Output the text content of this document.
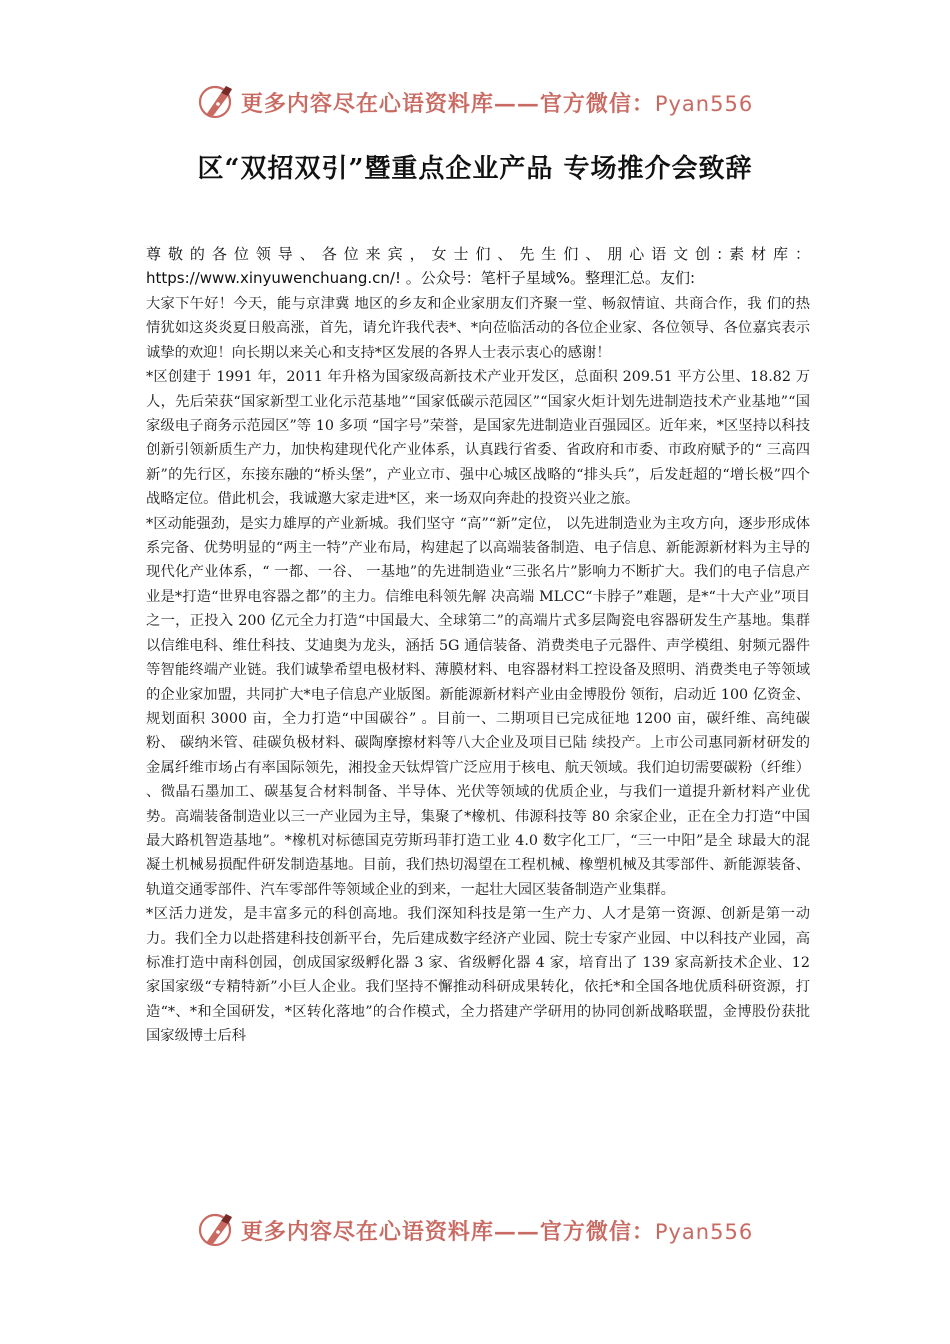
更多内容尽在心语资料库——官方微信：Pyan556
区“双招双引”暨重点企业产品 专场推介会致辞

尊敬的各位领导、各位来宾，女士们、先生们、朋心语文创:素材库： https://www.xinyuwenchuang.cn/! 。公众号：笔杆子星域%。整理汇总。友们:

大家下午好！今天，能与京津冀 地区的乡友和企业家朋友们齐聚一堂、畅叙情谊、共商合作，我 们的热情犹如这炎炎夏日般高涨，首先，请允许我代表*、*向莅临活动的各位企业家、各位领导、各位嘉宾表示诚挚的欢迎！向长期以来关心和支持*区发展的各界人士表示衷心的感谢！

*区创建于 1991 年，2011 年升格为国家级高新技术产业开发区，总面积 209.51 平方公里、18.82 万人，先后荣获“国家新型工业化示范基地”“国家低碳示范园区”“国家火炬计划先进制造技术产业基地”“国家级电子商务示范园区”等 10 多项 “国字号”荣誉，是国家先进制造业百强园区。近年来，*区坚持以科技创新引领新质生产力，加快构建现代化产业体系，认真践行省委、省政府和市委、市政府赋予的“ 三高四新”的先行区，东接东融的“桥头堡”，产业立市、强中心城区战略的“排头兵”，后发赶超的“增长极”四个战略定位。借此机会，我诚邀大家走进*区，来一场双向奔赴的投资兴业之旅。

*区动能强劲，是实力雄厚的产业新城。我们坚守 “高”“新”定位， 以先进制造业为主攻方向，逐步形成体系完备、优势明显的“两主一特”产业布局，构建起了以高端装备制造、电子信息、新能源新材料为主导的现代化产业体系，“ 一都、一谷、 一基地”的先进制造业“三张名片”影响力不断扩大。我们的电子信息产业是*打造“世界电容器之都”的主力。信维电科领先解 决高端 MLCC“卡脖子”难题，是*“十大产业”项目之一，正投入 200 亿元全力打造“中国最大、全球第二”的高端片式多层陶瓷电容器研发生产基地。集群以信维电科、维仕科技、艾迪奥为龙头，涵括 5G 通信装备、消费类电子元器件、声学模组、射频元器件等智能终端产业链。我们诚挚希望电极材料、薄膜材料、电容器材料工控设备及照明、消费类电子等领域的企业家加盟，共同扩大*电子信息产业版图。新能源新材料产业由金博股份 领衔，启动近 100 亿资金、规划面积 3000 亩，全力打造“中国碳谷” 。目前一、二期项目已完成征地 1200 亩，碳纤维、高纯碳粉、 碳纳米管、硅碳负极材料、碳陶摩擦材料等八大企业及项目已陆 续投产。上市公司惠同新材研发的金属纤维市场占有率国际领先，湘投金天钛焊管广泛应用于核电、航天领域。我们迫切需要碳粉（纤维） 、微晶石墨加工、碳基复合材料制备、半导体、光伏等领域的优质企业，与我们一道提升新材料产业优势。高端装备制造业以三一产业园为主导，集聚了*橡机、伟源科技等 80 余家企业，正在全力打造“中国最大路机智造基地”。*橡机对标德国克劳斯玛菲打造工业 4.0 数字化工厂，“三一中阳”是全 球最大的混凝土机械易损配件研发制造基地。目前，我们热切渴望在工程机械、橡塑机械及其零部件、新能源装备、轨道交通零部件、汽车零部件等领域企业的到来，一起壮大园区装备制造产业集群。

*区活力迸发，是丰富多元的科创高地。我们深知科技是第一生产力、人才是第一资源、创新是第一动力。我们全力以赴搭建科技创新平台，先后建成数字经济产业园、院士专家产业园、中以科技产业园，高标准打造中南科创园，创成国家级孵化器 3 家、省级孵化器 4 家，培育出了 139 家高新技术企业、12 家国家级“专精特新”小巨人企业。我们坚持不懈推动科研成果转化，依托*和全国各地优质科研资源，打造“*、*和全国研发，*区转化落地”的合作模式，全力搭建产学研用的协同创新战略联盟，金博股份获批国家级博士后科

更多内容尽在心语资料库——官方微信：Pyan556
